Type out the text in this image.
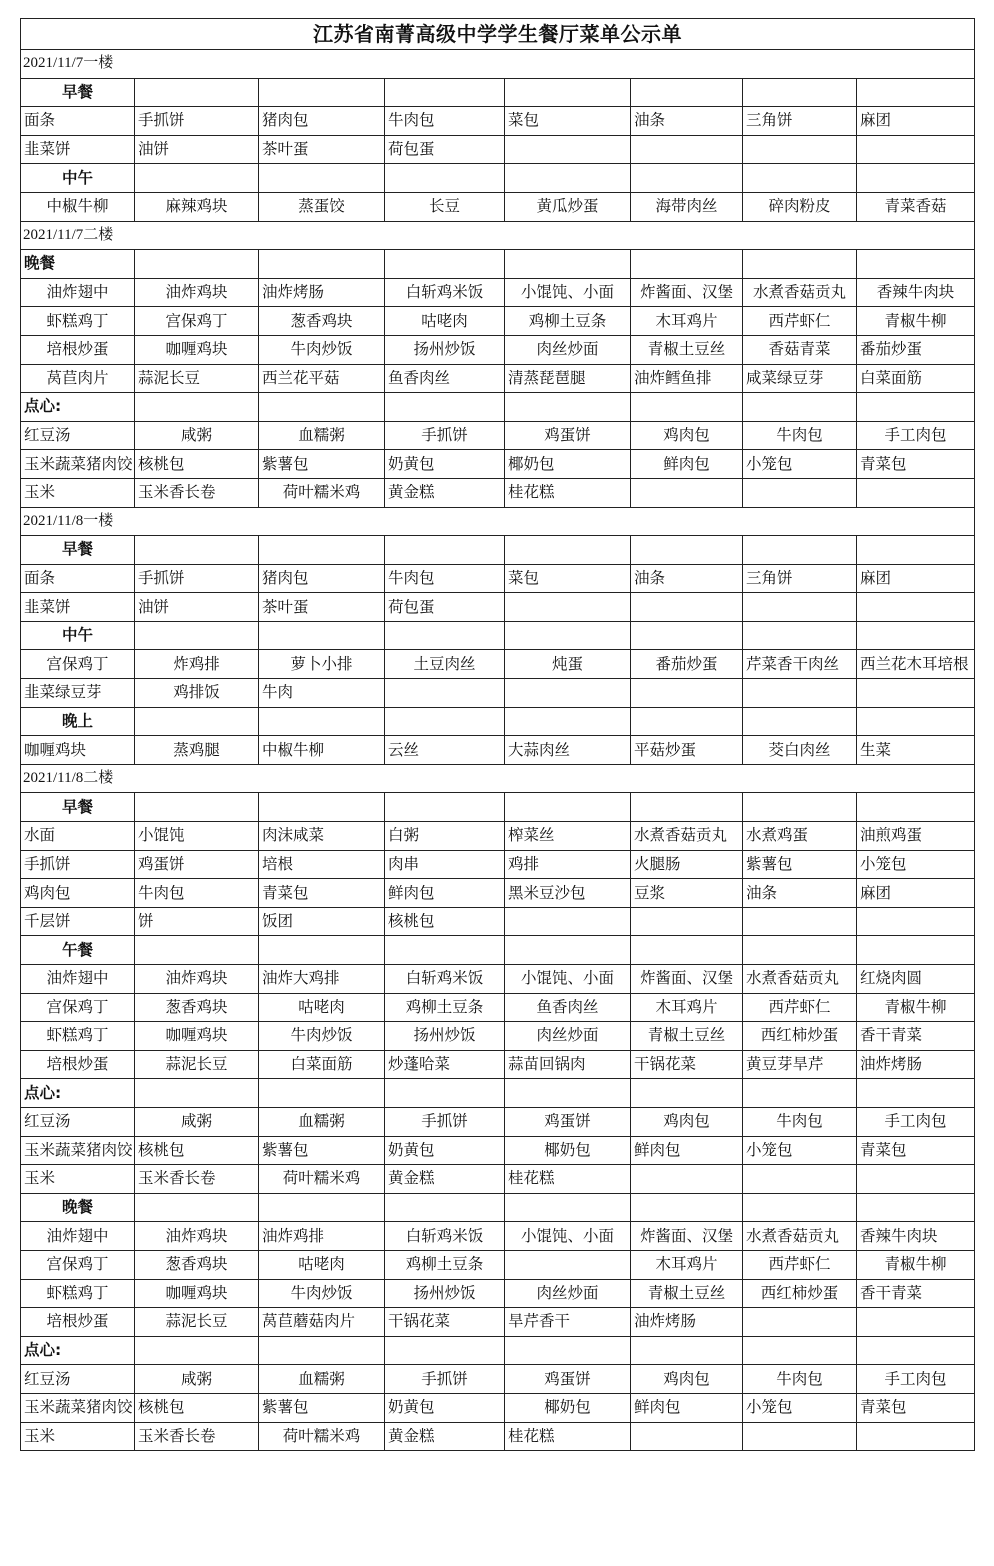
江苏省南菁高级中学学生餐厅菜单公示单							
2021/11/7一楼							
早餐							
面条	手抓饼	猪肉包	牛肉包	菜包	油条	三角饼	麻团
韭菜饼	油饼	茶叶蛋	荷包蛋				
中午							
中椒牛柳	麻辣鸡块	蒸蛋饺	长豆	黄瓜炒蛋	海带肉丝	碎肉粉皮	青菜香菇
2021/11/7二楼							
晚餐							
油炸翅中	油炸鸡块	油炸烤肠	白斩鸡米饭	小馄饨、小面	炸酱面、汉堡	水煮香菇贡丸	香辣牛肉块
虾糕鸡丁	宫保鸡丁	葱香鸡块	咕咾肉	鸡柳土豆条	木耳鸡片	西芹虾仁	青椒牛柳
培根炒蛋	咖喱鸡块	牛肉炒饭	扬州炒饭	肉丝炒面	青椒土豆丝	香菇青菜	番茄炒蛋
莴苣肉片	蒜泥长豆	西兰花平菇	鱼香肉丝	清蒸琵琶腿	油炸鳕鱼排	咸菜绿豆芽	白菜面筋
点心:							
红豆汤	咸粥	血糯粥	手抓饼	鸡蛋饼	鸡肉包	牛肉包	手工肉包
玉米蔬菜猪肉饺	核桃包	紫薯包	奶黄包	椰奶包	鲜肉包	小笼包	青菜包
玉米	玉米香长卷	荷叶糯米鸡	黄金糕	桂花糕			
2021/11/8一楼							
早餐							
面条	手抓饼	猪肉包	牛肉包	菜包	油条	三角饼	麻团
韭菜饼	油饼	茶叶蛋	荷包蛋				
中午							
宫保鸡丁	炸鸡排	萝卜小排	土豆肉丝	炖蛋	番茄炒蛋	芹菜香干肉丝	西兰花木耳培根
韭菜绿豆芽	鸡排饭	牛肉					
晚上							
咖喱鸡块	蒸鸡腿	中椒牛柳	云丝	大蒜肉丝	平菇炒蛋	茭白肉丝	生菜
2021/11/8二楼							
早餐							
水面	小馄饨	肉沫咸菜	白粥	榨菜丝	水煮香菇贡丸	水煮鸡蛋	油煎鸡蛋
手抓饼	鸡蛋饼	培根	肉串	鸡排	火腿肠	紫薯包	小笼包
鸡肉包	牛肉包	青菜包	鲜肉包	黑米豆沙包	豆浆	油条	麻团
千层饼	饼	饭团	核桃包				
午餐							
油炸翅中	油炸鸡块	油炸大鸡排	白斩鸡米饭	小馄饨、小面	炸酱面、汉堡	水煮香菇贡丸	红烧肉圆
宫保鸡丁	葱香鸡块	咕咾肉	鸡柳土豆条	鱼香肉丝	木耳鸡片	西芹虾仁	青椒牛柳
虾糕鸡丁	咖喱鸡块	牛肉炒饭	扬州炒饭	肉丝炒面	青椒土豆丝	西红柿炒蛋	香干青菜
培根炒蛋	蒜泥长豆	白菜面筋	炒蓬哈菜	蒜苗回锅肉	干锅花菜	黄豆芽旱芹	油炸烤肠
点心:							
红豆汤	咸粥	血糯粥	手抓饼	鸡蛋饼	鸡肉包	牛肉包	手工肉包
玉米蔬菜猪肉饺	核桃包	紫薯包	奶黄包	椰奶包	鲜肉包	小笼包	青菜包
玉米	玉米香长卷	荷叶糯米鸡	黄金糕	桂花糕			
晚餐							
油炸翅中	油炸鸡块	油炸鸡排	白斩鸡米饭	小馄饨、小面	炸酱面、汉堡	水煮香菇贡丸	香辣牛肉块
宫保鸡丁	葱香鸡块	咕咾肉	鸡柳土豆条		木耳鸡片	西芹虾仁	青椒牛柳
虾糕鸡丁	咖喱鸡块	牛肉炒饭	扬州炒饭	肉丝炒面	青椒土豆丝	西红柿炒蛋	香干青菜
培根炒蛋	蒜泥长豆	莴苣蘑菇肉片	干锅花菜	旱芹香干	油炸烤肠		
点心:							
红豆汤	咸粥	血糯粥	手抓饼	鸡蛋饼	鸡肉包	牛肉包	手工肉包
玉米蔬菜猪肉饺	核桃包	紫薯包	奶黄包	椰奶包	鲜肉包	小笼包	青菜包
玉米	玉米香长卷	荷叶糯米鸡	黄金糕	桂花糕			
